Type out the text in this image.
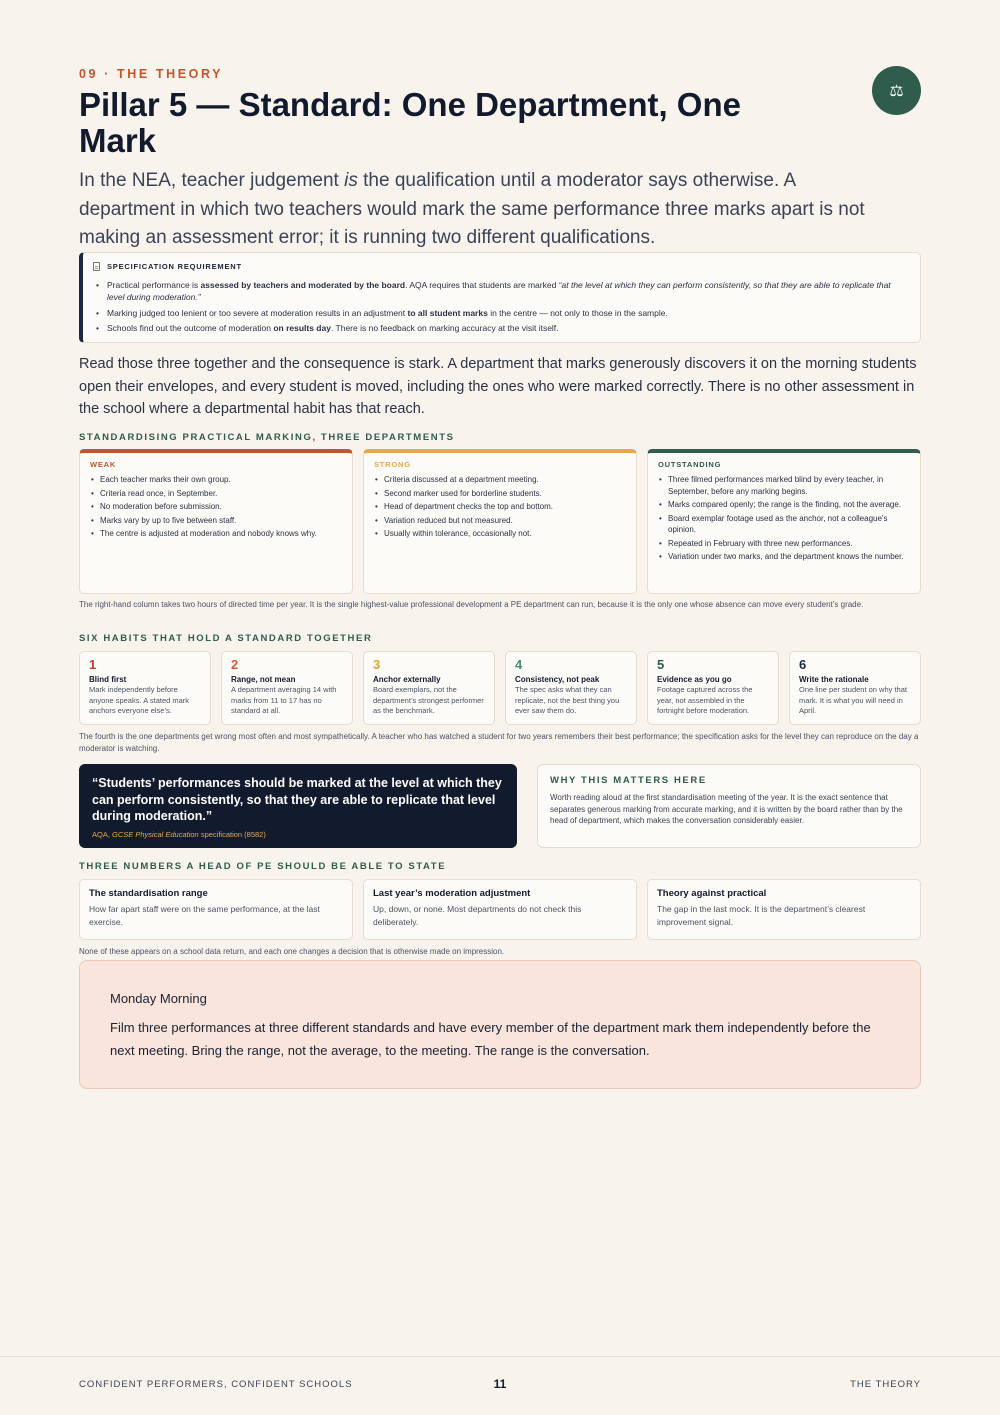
09 · THE THEORY
⚖
Pillar 5 — Standard: One Department, One Mark

In the NEA, teacher judgement is the qualification until a moderator says otherwise. A department in which two teachers would mark the same performance three marks apart is not making an assessment error; it is running two different qualifications.

SPECIFICATION REQUIREMENT
• Practical performance is assessed by teachers and moderated by the board. AQA requires that students are marked “at the level at which they can perform consistently, so that they are able to replicate that level during moderation.”
• Marking judged too lenient or too severe at moderation results in an adjustment to all student marks in the centre — not only to those in the sample.
• Schools find out the outcome of moderation on results day. There is no feedback on marking accuracy at the visit itself.

Read those three together and the consequence is stark. A department that marks generously discovers it on the morning students open their envelopes, and every student is moved, including the ones who were marked correctly. There is no other assessment in the school where a departmental habit has that reach.

STANDARDISING PRACTICAL MARKING, THREE DEPARTMENTS
WEAK
• Each teacher marks their own group.
• Criteria read once, in September.
• No moderation before submission.
• Marks vary by up to five between staff.
• The centre is adjusted at moderation and nobody knows why.
STRONG
• Criteria discussed at a department meeting.
• Second marker used for borderline students.
• Head of department checks the top and bottom.
• Variation reduced but not measured.
• Usually within tolerance, occasionally not.
OUTSTANDING
• Three filmed performances marked blind by every teacher, in September, before any marking begins.
• Marks compared openly; the range is the finding, not the average.
• Board exemplar footage used as the anchor, not a colleague’s opinion.
• Repeated in February with three new performances.
• Variation under two marks, and the department knows the number.
The right-hand column takes two hours of directed time per year. It is the single highest-value professional development a PE department can run, because it is the only one whose absence can move every student’s grade.
SIX HABITS THAT HOLD A STANDARD TOGETHER
1
Blind first
Mark independently before anyone speaks. A stated mark anchors everyone else’s.
2
Range, not mean
A department averaging 14 with marks from 11 to 17 has no standard at all.
3
Anchor externally
Board exemplars, not the department’s strongest performer as the benchmark.
4
Consistency, not peak
The spec asks what they can replicate, not the best thing you ever saw them do.
5
Evidence as you go
Footage captured across the year, not assembled in the fortnight before moderation.
6
Write the rationale
One line per student on why that mark. It is what you will need in April.
The fourth is the one departments get wrong most often and most sympathetically. A teacher who has watched a student for two years remembers their best performance; the specification asks for the level they can reproduce on the day a moderator is watching.
“Students’ performances should be marked at the level at which they can perform consistently, so that they are able to replicate that level during moderation.”
AQA, GCSE Physical Education specification (8582)
WHY THIS MATTERS HERE
Worth reading aloud at the first standardisation meeting of the year. It is the exact sentence that separates generous marking from accurate marking, and it is written by the board rather than by the head of department, which makes the conversation considerably easier.
THREE NUMBERS A HEAD OF PE SHOULD BE ABLE TO STATE
The standardisation range
How far apart staff were on the same performance, at the last exercise.
Last year’s moderation adjustment
Up, down, or none. Most departments do not check this deliberately.
Theory against practical
The gap in the last mock. It is the department’s clearest improvement signal.
None of these appears on a school data return, and each one changes a decision that is otherwise made on impression.
Monday Morning
Film three performances at three different standards and have every member of the department mark them independently before the next meeting. Bring the range, not the average, to the meeting. The range is the conversation.
CONFIDENT PERFORMERS, CONFIDENT SCHOOLS	11	THE THEORY
